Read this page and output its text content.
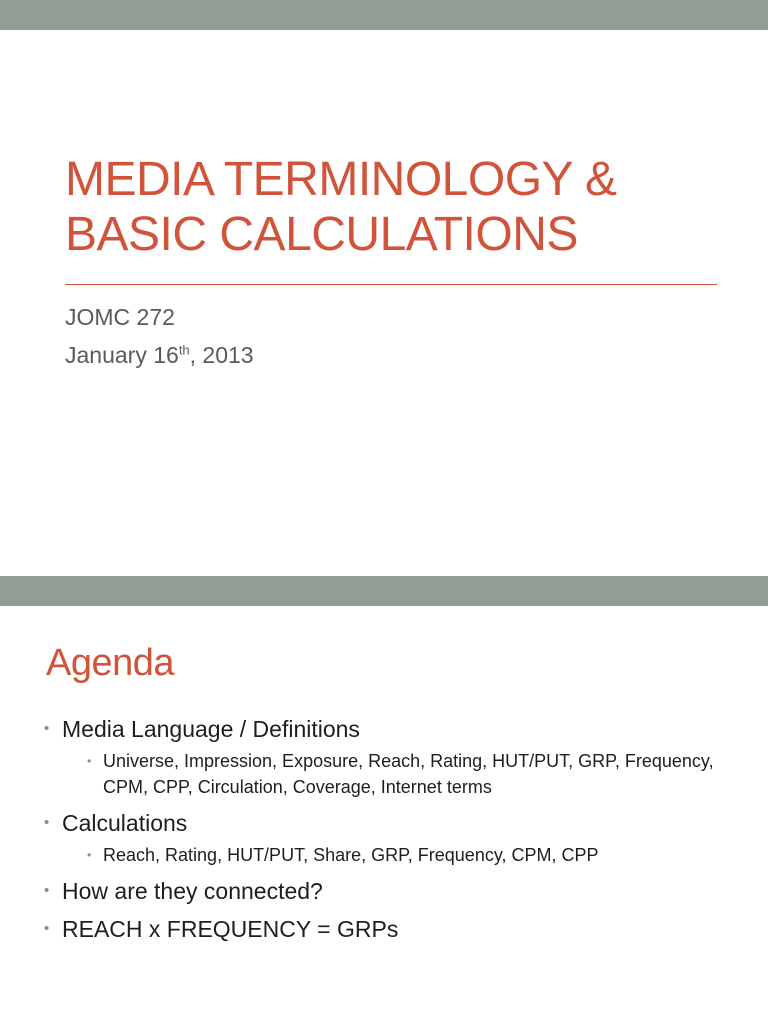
MEDIA TERMINOLOGY &
BASIC CALCULATIONS
JOMC 272
January 16th, 2013
Agenda
• Media Language / Definitions
• Universe, Impression, Exposure, Reach, Rating, HUT/PUT, GRP, Frequency, CPM, CPP, Circulation, Coverage, Internet terms
• Calculations
• Reach, Rating, HUT/PUT, Share, GRP, Frequency, CPM, CPP
• How are they connected?
• REACH x FREQUENCY = GRPs
